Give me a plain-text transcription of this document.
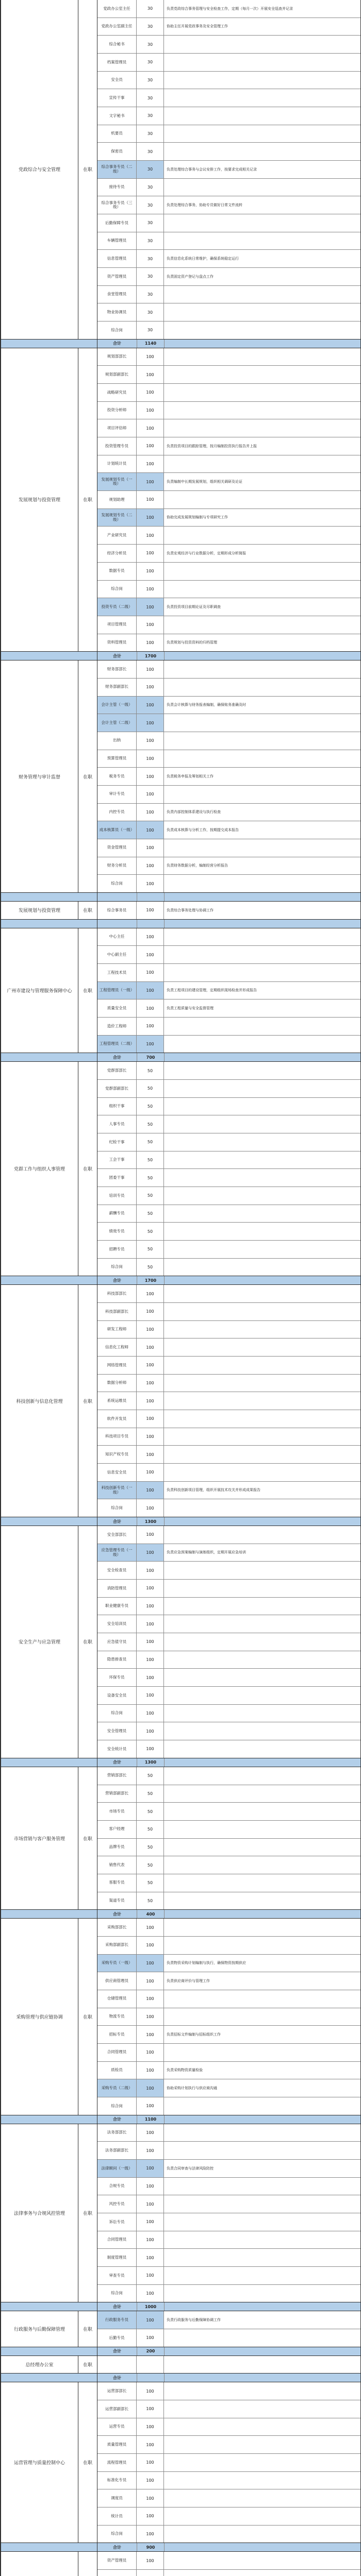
党政综合与安全管理	在职
党政办公室主任	30	负责党政综合事务管理与安全检查工作，定期（每月一次）开展安全巡查并记录
党政办公室副主任	30	协助主任开展党政事务及安全管理工作
综合秘书	30
档案管理员	30
安全员	30
宣传干事	30
文字秘书	30
机要员	30
保密员	30
综合事务专员（二级）	30	负责处理综合事务与会议安排工作，按要求完成相关记录
接待专员	30
综合事务专员（三级）	30	负责处理综合事务，协助专员做好日常文件流转
后勤保障专员	30
车辆管理员	30
信息管理员	30	负责信息化系统日常维护，确保系统稳定运行
资产管理员	30	负责固定资产登记与盘点工作
食堂管理员	30
物业协调员	30
综合岗	30
合计	1140
发展规划与投资管理	在职
规划部部长	100
规划部副部长	100
战略研究员	100
投资分析师	100
项目评估师	100
投资管理专员	100	负责投资项目的跟踪管理，按月编制投资执行报告并上报
计划统计员	100
发展规划专员（一级）	100	负责编制中长期发展规划，组织相关调研及论证
规划助理	100
发展规划专员（二级）	100	协助完成发展规划编制与专项研究工作
产业研究员	100
经济分析员	100	负责宏观经济与行业数据分析，定期形成分析简报
数据专员	100
综合岗	100
投资专员（二级）	100	负责投资项目前期论证及尽职调查
项目管理员	100
资料管理员	100	负责规划与投资资料的归档管理
合计	1700
财务管理与审计监督	在职
财务部部长	100
财务部副部长	100
会计主管（一级）	100	负责会计核算与财务报表编制，确保账务准确及时
会计主管（二级）	100
出纳	100
预算管理员	100
税务专员	100	负责税务申报及筹划相关工作
审计专员	100
内控专员	100	负责内部控制体系建设与执行检查
成本核算员（一级）	100	负责成本核算与分析工作，按期提交成本报告
资金管理员	100
财务分析员	100	负责财务数据分析，编制经营分析报告
综合岗	100
发展规划与投资管理	在职	综合事务员	100	负责综合事务处理与协调工作
广州市建设与管理服务保障中心	在职
中心主任	100
中心副主任	100
工程技术员	100
工程管理员（一级）	100	负责工程项目的建设管理，定期组织现场检查并形成报告
质量安全员	100	负责工程质量与安全监督管理
造价工程师	100
工程管理员（二级）	100
合计	700
党群工作与组织人事管理	在职
党群部部长	50
党群部副部长	50
组织干事	50
人事专员	50
纪检干事	50
工会干事	50
团委干事	50
培训专员	50
薪酬专员	50
绩效专员	50
招聘专员	50
综合岗	50
合计	1700
科技创新与信息化管理	在职
科技部部长	100
科技部副部长	100
研发工程师	100
信息化工程师	100
网络管理员	100
数据分析师	100
系统运维员	100
软件开发员	100
科技项目专员	100
知识产权专员	100
信息安全员	100
科技创新专员（一级）	100	负责科技创新项目管理，组织开展技术攻关并形成成果报告
综合岗	100
合计	1300
安全生产与应急管理	在职
安全部部长	100
应急管理专员（一级）	100	负责应急预案编制与演练组织，定期开展应急培训
安全检查员	100
消防管理员	100
职业健康专员	100
安全培训员	100
应急值守员	100
隐患排查员	100
环保专员	100
设备安全员	100
综合岗	100
安全管理员	100
安全统计员	100
合计	1300
市场营销与客户服务管理	在职
营销部部长	50
营销部副部长	50
市场专员	50
客户经理	50
品牌专员	50
销售代表	50
客服专员	50
渠道专员	50
合计	400
采购管理与供应链协调	在职
采购部部长	100
采购部副部长	100
采购专员（一级）	100	负责物资采购计划编制与执行，确保物资按期供应
供应商管理员	100	负责供应商评价与管理工作
仓储管理员	100
物流专员	100
招标专员	100	负责招标文件编制与招标组织工作
合同管理员	100
质检员	100	负责采购物资质量检验
采购专员（二级）	100	协助采购计划执行与供应商沟通
综合岗	100
合计	1100
法律事务与合规风控管理	在职
法务部部长	100
法务部副部长	100
法律顾问（一级）	100	负责合同审查与法律风险防控
合规专员	100
风控专员	100
诉讼专员	100
合同管理员	100
制度管理员	100
审查专员	100
综合岗	100
合计	1000
行政服务与后勤保障管理	在职
行政服务专员	100	负责行政服务与后勤保障协调工作
后勤专员	100
合计	200
总经理办公室	在职
合计
运营管理与质量控制中心	在职
运营部部长	100
运营部副部长	100
运营专员	100
质量管理员	100
流程管理员	100
标准化专员	100
调度员	100
统计员	100
综合岗	100
合计	900
资产管理员	100
